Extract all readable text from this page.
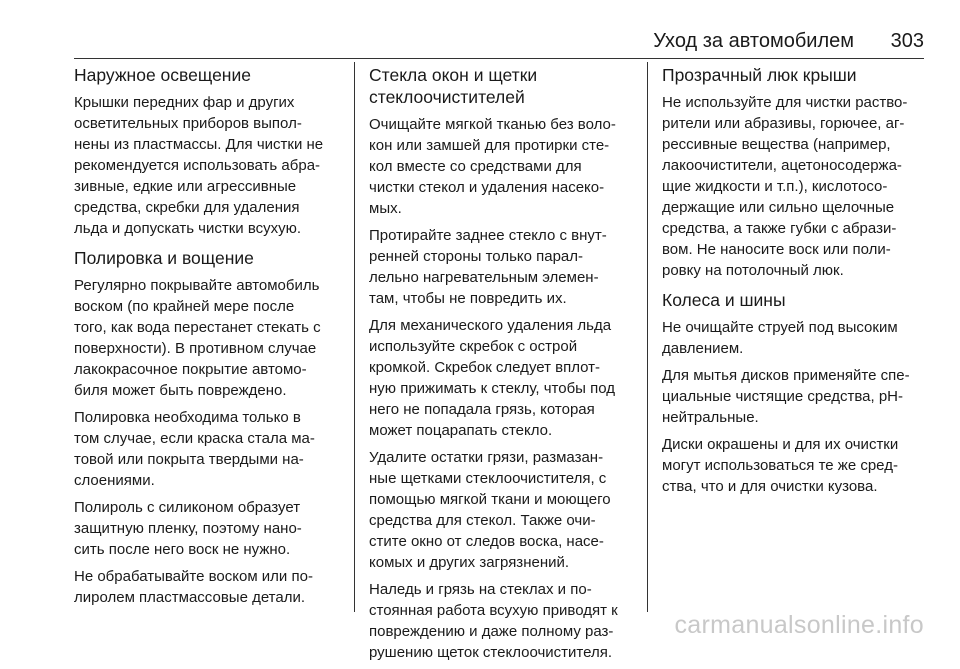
Уход за автомобилем 303
Наружное освещение

Крышки передних фар и других
осветительных приборов выпол-
нены из пластмассы. Для чистки не
рекомендуется использовать абра-
зивные, едкие или агрессивные
средства, скребки для удаления
льда и допускать чистки всухую.

Полировка и вощение

Регулярно покрывайте автомобиль
воском (по крайней мере после
того, как вода перестанет стекать с
поверхности). В противном случае
лакокрасочное покрытие автомо-
биля может быть повреждено.

Полировка необходима только в
том случае, если краска стала ма-
товой или покрыта твердыми на-
слоениями.

Полироль с силиконом образует
защитную пленку, поэтому нано-
сить после него воск не нужно.

Не обрабатывайте воском или по-
лиролем пластмассовые детали.

Стекла окон и щетки
стеклоочистителей

Очищайте мягкой тканью без воло-
кон или замшей для протирки сте-
кол вместе со средствами для
чистки стекол и удаления насеко-
мых.

Протирайте заднее стекло с внут-
ренней стороны только парал-
лельно нагревательным элемен-
там, чтобы не повредить их.

Для механического удаления льда
используйте скребок с острой
кромкой. Скребок следует вплот-
ную прижимать к стеклу, чтобы под
него не попадала грязь, которая
может поцарапать стекло.

Удалите остатки грязи, размазан-
ные щетками стеклоочистителя, с
помощью мягкой ткани и моющего
средства для стекол. Также очи-
стите окно от следов воска, насе-
комых и других загрязнений.

Наледь и грязь на стеклах и по-
стоянная работа всухую приводят к
повреждению и даже полному раз-
рушению щеток стеклоочистителя.

Прозрачный люк крыши

Не используйте для чистки раство-
рители или абразивы, горючее, аг-
рессивные вещества (например,
лакоочистители, ацетоносодержа-
щие жидкости и т.п.), кислотосо-
держащие или сильно щелочные
средства, а также губки с абрази-
вом. Не наносите воск или поли-
ровку на потолочный люк.

Колеса и шины

Не очищайте струей под высоким
давлением.

Для мытья дисков применяйте спе-
циальные чистящие средства, рН-
нейтральные.

Диски окрашены и для их очистки
могут использоваться те же сред-
ства, что и для очистки кузова.

carmanualsonline.info
